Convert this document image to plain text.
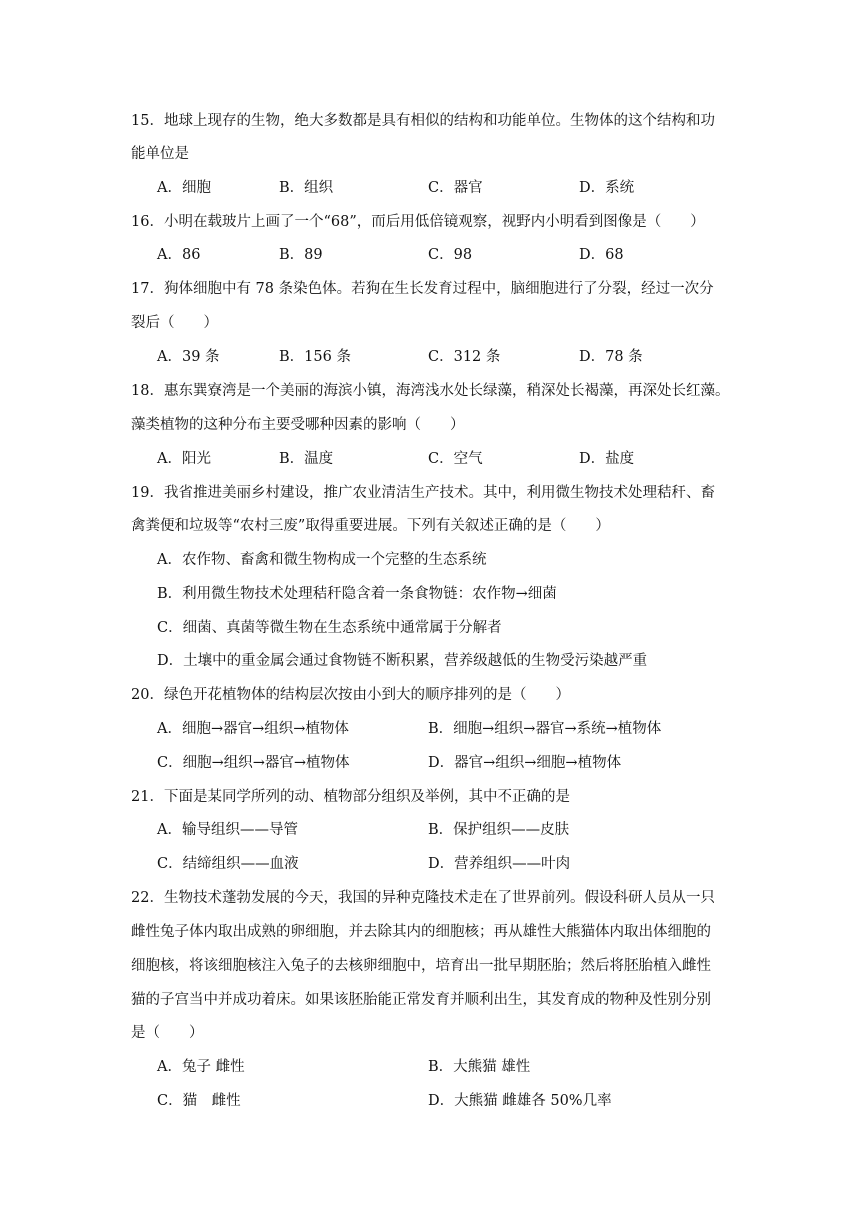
15．地球上现存的生物，绝大多数都是具有相似的结构和功能单位。生物体的这个结构和功
能单位是
A．细胞	B．组织	C．器官	D．系统
16．小明在载玻片上画了一个“68”，而后用低倍镜观察，视野内小明看到图像是（　　）
A．86	B．89	C．98	D．68
17．狗体细胞中有 78 条染色体。若狗在生长发育过程中，脑细胞进行了分裂，经过一次分
裂后（　　）
A．39 条	B．156 条	C．312 条	D．78 条
18．惠东巽寮湾是一个美丽的海滨小镇，海湾浅水处长绿藻，稍深处长褐藻，再深处长红藻。
藻类植物的这种分布主要受哪种因素的影响（　　）
A．阳光	B．温度	C．空气	D．盐度
19．我省推进美丽乡村建设，推广农业清洁生产技术。其中，利用微生物技术处理秸秆、畜
禽粪便和垃圾等“农村三废”取得重要进展。下列有关叙述正确的是（　　）
A．农作物、畜禽和微生物构成一个完整的生态系统
B．利用微生物技术处理秸秆隐含着一条食物链：农作物→细菌
C．细菌、真菌等微生物在生态系统中通常属于分解者
D．土壤中的重金属会通过食物链不断积累，营养级越低的生物受污染越严重
20．绿色开花植物体的结构层次按由小到大的顺序排列的是（　　）
A．细胞→器官→组织→植物体	B．细胞→组织→器官→系统→植物体
C．细胞→组织→器官→植物体	D．器官→组织→细胞→植物体
21．下面是某同学所列的动、植物部分组织及举例，其中不正确的是
A．输导组织——导管	B．保护组织——皮肤
C．结缔组织——血液	D．营养组织——叶肉
22．生物技术蓬勃发展的今天，我国的异种克隆技术走在了世界前列。假设科研人员从一只
雌性兔子体内取出成熟的卵细胞，并去除其内的细胞核；再从雄性大熊猫体内取出体细胞的
细胞核，将该细胞核注入兔子的去核卵细胞中，培育出一批早期胚胎；然后将胚胎植入雌性
猫的子宫当中并成功着床。如果该胚胎能正常发育并顺利出生，其发育成的物种及性别分别
是（　　）
A．兔子 雌性	B．大熊猫 雄性
C．猫　雌性	D．大熊猫 雌雄各 50%几率
